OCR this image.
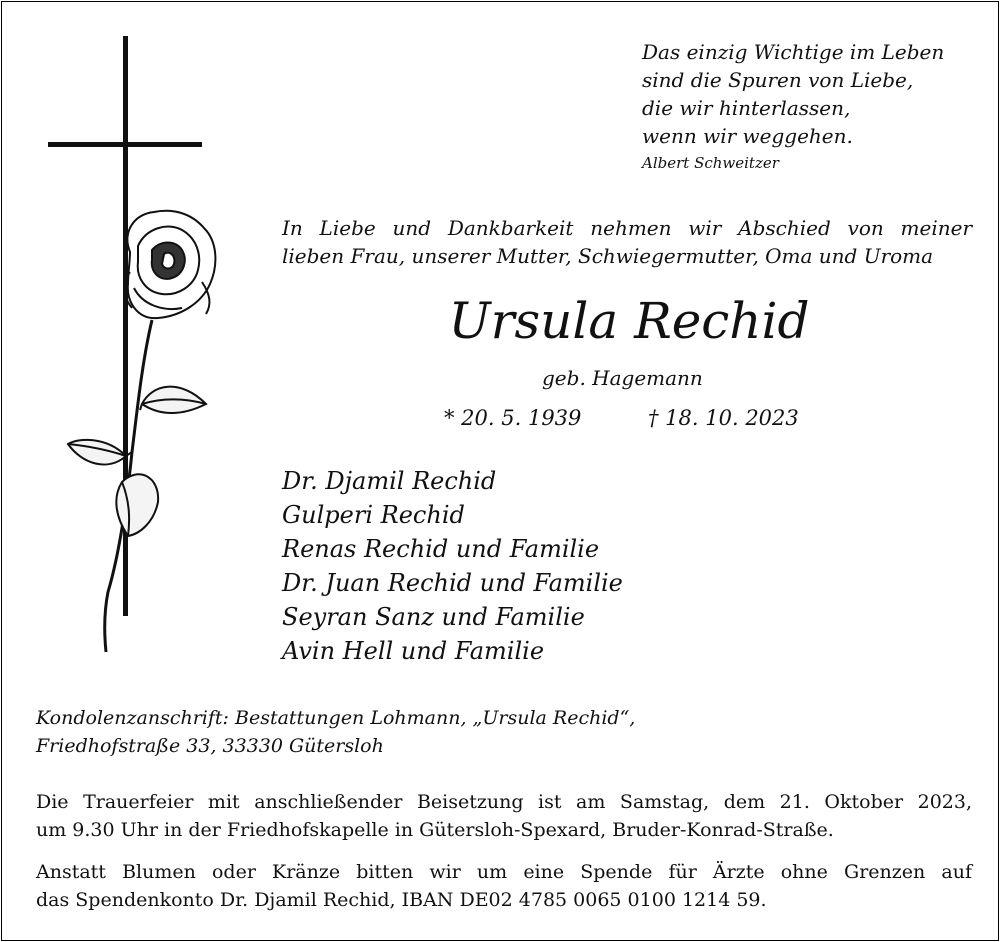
Das einzig Wichtige im Leben
sind die Spuren von Liebe,
die wir hinterlassen,
wenn wir weggehen.
Albert Schweitzer
In Liebe und Dankbarkeit nehmen wir Abschied von meiner
lieben Frau, unserer Mutter, Schwiegermutter, Oma und Uroma
Ursula Rechid
geb. Hagemann
* 20. 5. 1939	† 18. 10. 2023
Dr. Djamil Rechid
Gulperi Rechid
Renas Rechid und Familie
Dr. Juan Rechid und Familie
Seyran Sanz und Familie
Avin Hell und Familie
Kondolenzanschrift: Bestattungen Lohmann, „Ursula Rechid“,
Friedhofstraße 33, 33330 Gütersloh
Die Trauerfeier mit anschließender Beisetzung ist am Samstag, dem 21. Oktober 2023,
um 9.30 Uhr in der Friedhofskapelle in Gütersloh-Spexard, Bruder-Konrad-Straße.
Anstatt Blumen oder Kränze bitten wir um eine Spende für Ärzte ohne Grenzen auf
das Spendenkonto Dr. Djamil Rechid, IBAN DE02 4785 0065 0100 1214 59.
